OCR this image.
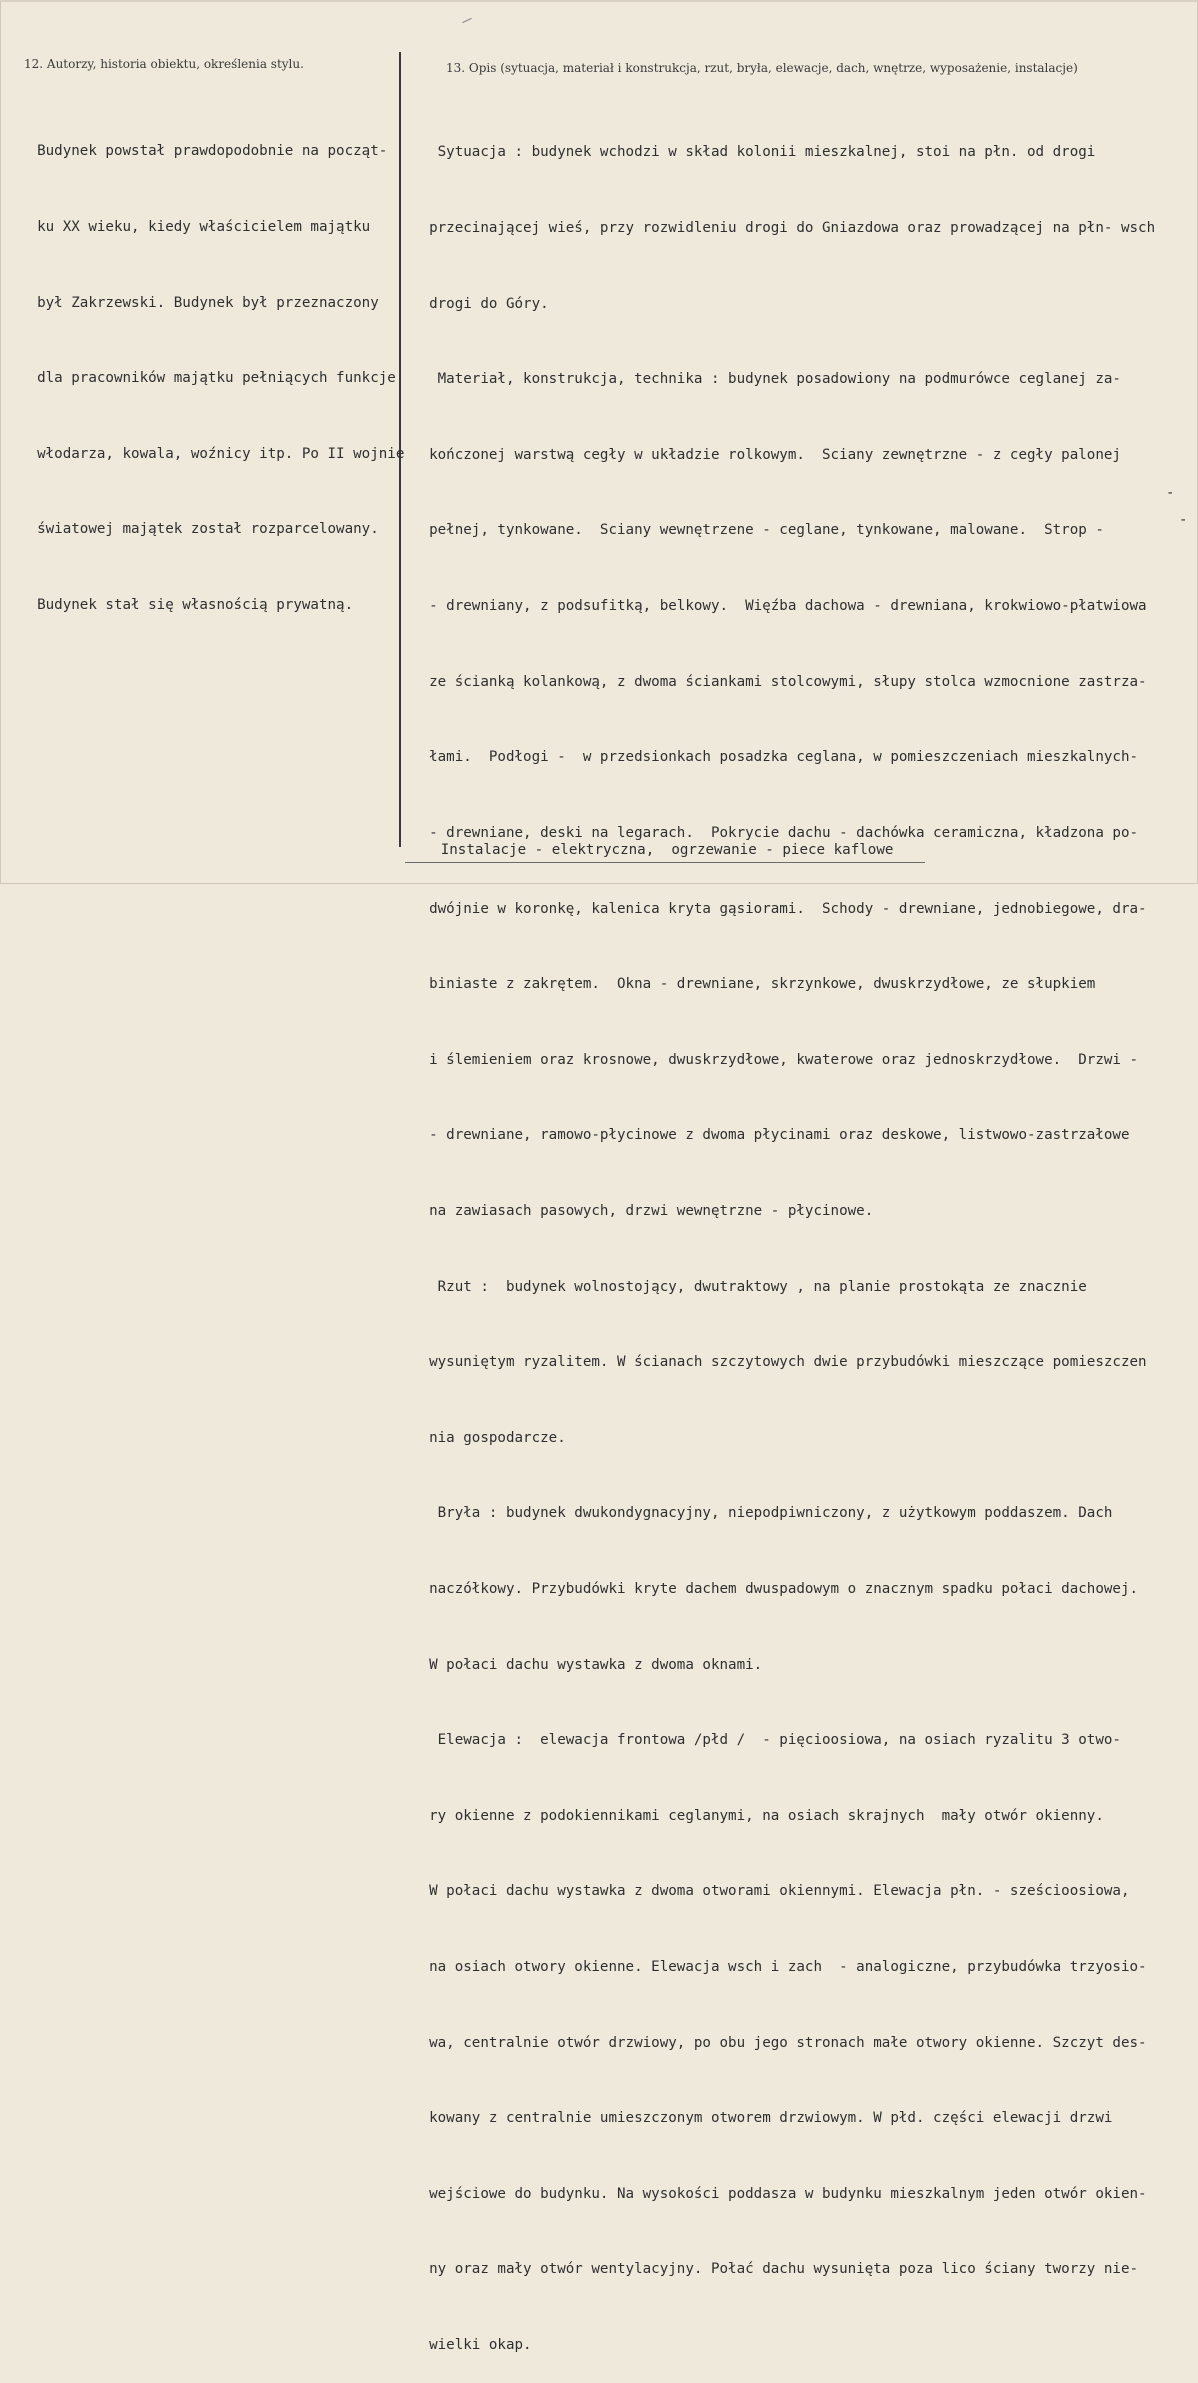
12. Autorzy, historia obiektu, określenia stylu.	13. Opis (sytuacja, materiał i konstrukcja, rzut, bryła, elewacje, dach, wnętrze, wyposażenie, instalacje)

Budynek powstał prawdopodobnie na począt-

ku XX wieku, kiedy właścicielem majątku

był Zakrzewski. Budynek był przeznaczony

dla pracowników majątku pełniących funkcje

włodarza, kowala, woźnicy itp. Po II wojnie

światowej majątek został rozparcelowany.

Budynek stał się własnością prywatną.

Sytuacja : budynek wchodzi w skład kolonii mieszkalnej, stoi na płn. od drogi

przecinającej wieś, przy rozwidleniu drogi do Gniazdowa oraz prowadzącej na płn- wsch

drogi do Góry.

Materiał, konstrukcja, technika : budynek posadowiony na podmurówce ceglanej za-

kończonej warstwą cegły w układzie rolkowym.  Sciany zewnętrzne - z cegły palonej

pełnej, tynkowane.  Sciany wewnętrzene - ceglane, tynkowane, malowane.  Strop -

- drewniany, z podsufitką, belkowy.  Więźba dachowa - drewniana, krokwiowo-płatwiowa

ze ścianką kolankową, z dwoma ściankami stolcowymi, słupy stolca wzmocnione zastrza-

łami.  Podłogi -  w przedsionkach posadzka ceglana, w pomieszczeniach mieszkalnych-

- drewniane, deski na legarach.  Pokrycie dachu - dachówka ceramiczna, kładzona po-

dwójnie w koronkę, kalenica kryta gąsiorami.  Schody - drewniane, jednobiegowe, dra-

biniaste z zakrętem.  Okna - drewniane, skrzynkowe, dwuskrzydłowe, ze słupkiem

i ślemieniem oraz krosnowe, dwuskrzydłowe, kwaterowe oraz jednoskrzydłowe.  Drzwi -

- drewniane, ramowo-płycinowe z dwoma płycinami oraz deskowe, listwowo-zastrzałowe

na zawiasach pasowych, drzwi wewnętrzne - płycinowe.

Rzut :  budynek wolnostojący, dwutraktowy , na planie prostokąta ze znacznie

wysuniętym ryzalitem. W ścianach szczytowych dwie przybudówki mieszczące pomieszczen

nia gospodarcze.

Bryła : budynek dwukondygnacyjny, niepodpiwniczony, z użytkowym poddaszem. Dach

naczółkowy. Przybudówki kryte dachem dwuspadowym o znacznym spadku połaci dachowej.

W połaci dachu wystawka z dwoma oknami.

Elewacja :  elewacja frontowa /płd /  - pięcioosiowa, na osiach ryzalitu 3 otwo-

ry okienne z podokiennikami ceglanymi, na osiach skrajnych  mały otwór okienny.

W połaci dachu wystawka z dwoma otworami okiennymi. Elewacja płn. - sześcioosiowa,

na osiach otwory okienne. Elewacja wsch i zach  - analogiczne, przybudówka trzyosio-

wa, centralnie otwór drzwiowy, po obu jego stronach małe otwory okienne. Szczyt des-

kowany z centralnie umieszczonym otworem drzwiowym. W płd. części elewacji drzwi

wejściowe do budynku. Na wysokości poddasza w budynku mieszkalnym jeden otwór okien-

ny oraz mały otwór wentylacyjny. Połać dachu wysunięta poza lico ściany tworzy nie-

wielki okap.

-
-
Instalacje - elektryczna,  ogrzewanie - piece kaflowe
